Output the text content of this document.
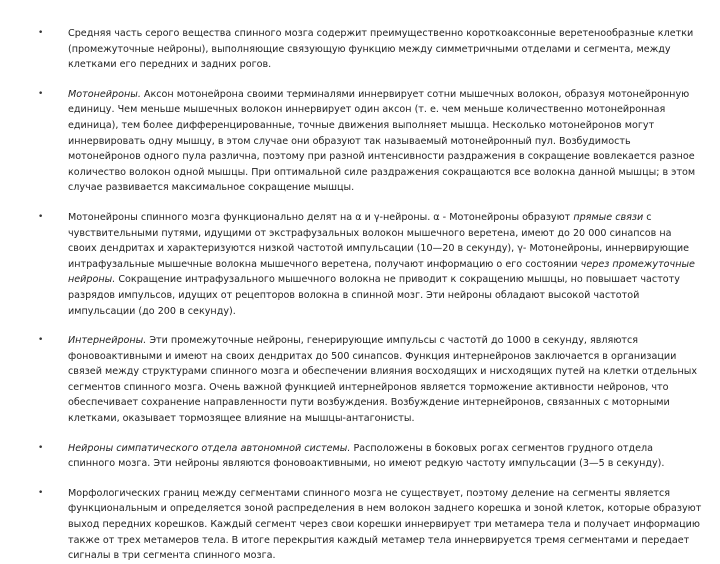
•	Средняя часть серого вещества спинного мозга содержит преимущественно короткоаксонные веретенообразные клетки (промежуточные нейроны), выполняющие связующую функцию между симметричными отделами и сегмента, между клетками его передних и задних рогов.
•	Мотонейроны. Аксон мотонейрона своими терминалями иннервирует сотни мышечных волокон, образуя мотонейронную единицу. Чем меньше мышечных волокон иннервирует один аксон (т. е. чем меньше количественно мотонейронная единица), тем более дифференцированные, точные движения выполняет мышца. Несколько мотонейронов могут иннервировать одну мышцу, в этом случае они образуют так называемый мотонейронный пул. Возбудимость мотонейронов одного пула различна, поэтому при разной интенсивности раздражения в сокращение вовлекается разное количество волокон одной мышцы. При оптимальной силе раздражения сокращаются все волокна данной мышцы; в этом случае развивается максимальное сокращение мышцы.
•	Мотонейроны спинного мозга функционально делят на α и γ-нейроны. α - Мотонейроны образуют прямые связи с чувствительными путями, идущими от экстрафузальных волокон мышечного веретена, имеют до 20 000 синапсов на своих дендритах и характеризуются низкой частотой импульсации (10—20 в секунду), γ- Мотонейроны, иннервирующие интрафузальные мышечные волокна мышечного веретена, получают информацию о его состоянии через промежуточные нейроны. Сокращение интрафузального мышечного волокна не приводит к сокращению мышцы, но повышает частоту разрядов импульсов, идущих от рецепторов волокна в спинной мозг. Эти нейроны обладают высокой частотой импульсации (до 200 в секунду).
•	Интернейроны. Эти промежуточные нейроны, генерирующие импульсы с частотй до 1000 в секунду, являются фоновоактивными и имеют на своих дендритах до 500 синапсов. Функция интернейронов заключается в организации связей между структурами спинного мозга и обеспечении влияния восходящих и нисходящих путей на клетки отдельных сегментов спинного мозга. Очень важной функцией интернейронов является торможение активности нейронов, что обеспечивает сохранение направленности пути возбуждения. Возбуждение интернейронов, связанных с моторными клетками, оказывает тормозящее влияние на мышцы-антагонисты.
•	Нейроны симпатического отдела автономной системы. Расположены в боковых рогах сегментов грудного отдела спинного мозга. Эти нейроны являются фоновоактивными, но имеют редкую частоту импульсации (3—5 в секунду).
•	Морфологических границ между сегментами спинного мозга не существует, поэтому деление на сегменты является функциональным и определяется зоной распределения в нем волокон заднего корешка и зоной клеток, которые образуют выход передних корешков. Каждый сегмент через свои корешки иннервирует три метамера тела и получает информацию также от трех метамеров тела. В итоге перекрытия каждый метамер тела иннервируется тремя сегментами и передает сигналы в три сегмента спинного мозга.
